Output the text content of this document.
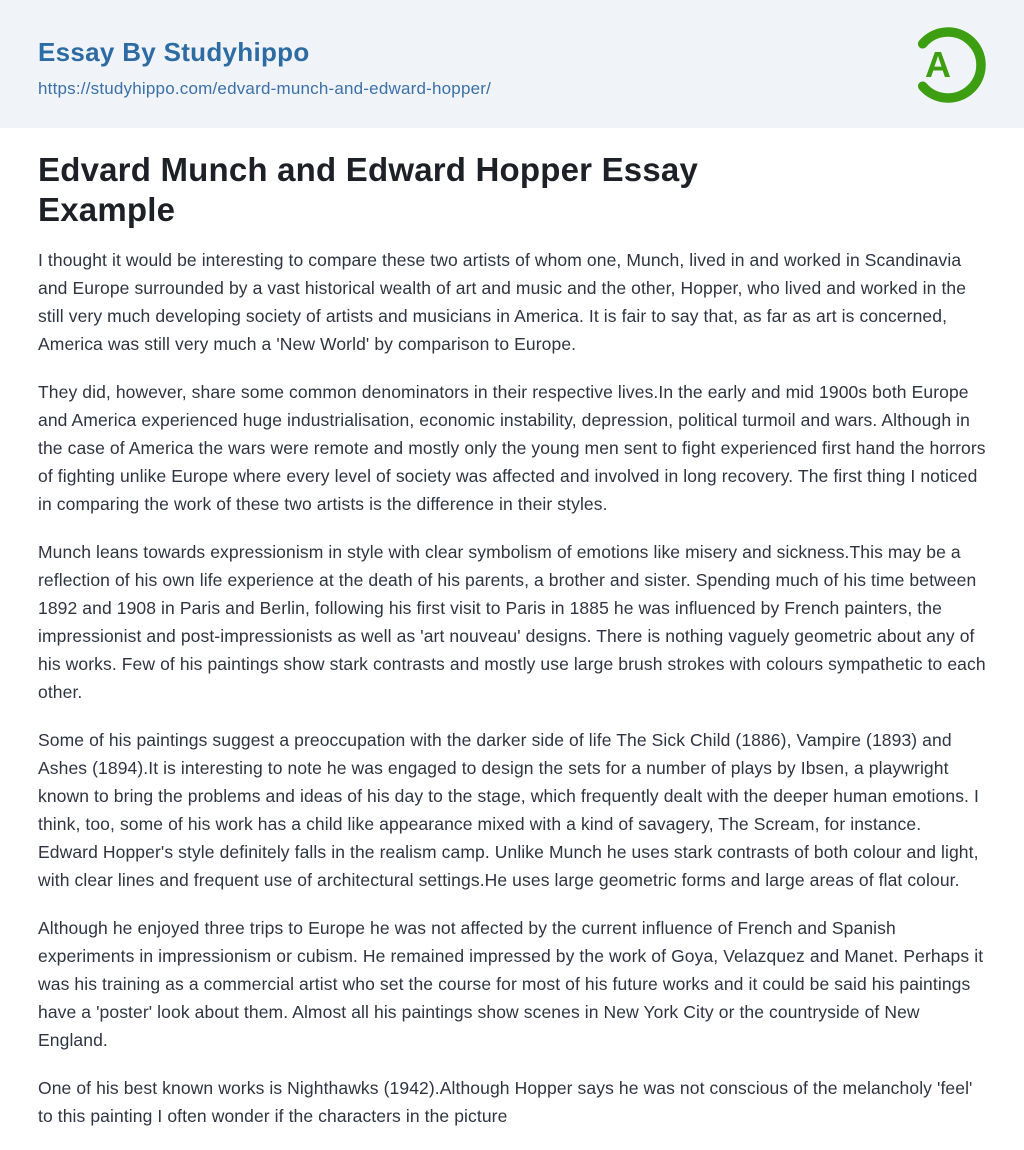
Essay By Studyhippo
https://studyhippo.com/edvard-munch-and-edward-hopper/
A
Edvard Munch and Edward Hopper Essay Example

I thought it would be interesting to compare these two artists of whom one, Munch, lived in and worked in Scandinavia and Europe surrounded by a vast historical wealth of art and music and the other, Hopper, who lived and worked in the still very much developing society of artists and musicians in America. It is fair to say that, as far as art is concerned, America was still very much a 'New World' by comparison to Europe.

They did, however, share some common denominators in their respective lives.In the early and mid 1900s both Europe and America experienced huge industrialisation, economic instability, depression, political turmoil and wars. Although in the case of America the wars were remote and mostly only the young men sent to fight experienced first hand the horrors of fighting unlike Europe where every level of society was affected and involved in long recovery. The first thing I noticed in comparing the work of these two artists is the difference in their styles.

Munch leans towards expressionism in style with clear symbolism of emotions like misery and sickness.This may be a reflection of his own life experience at the death of his parents, a brother and sister. Spending much of his time between 1892 and 1908 in Paris and Berlin, following his first visit to Paris in 1885 he was influenced by French painters, the impressionist and post-impressionists as well as 'art nouveau' designs. There is nothing vaguely geometric about any of his works. Few of his paintings show stark contrasts and mostly use large brush strokes with colours sympathetic to each other.

Some of his paintings suggest a preoccupation with the darker side of life The Sick Child (1886), Vampire (1893) and Ashes (1894).It is interesting to note he was engaged to design the sets for a number of plays by Ibsen, a playwright known to bring the problems and ideas of his day to the stage, which frequently dealt with the deeper human emotions. I think, too, some of his work has a child like appearance mixed with a kind of savagery, The Scream, for instance. Edward Hopper's style definitely falls in the realism camp. Unlike Munch he uses stark contrasts of both colour and light, with clear lines and frequent use of architectural settings.He uses large geometric forms and large areas of flat colour.

Although he enjoyed three trips to Europe he was not affected by the current influence of French and Spanish experiments in impressionism or cubism. He remained impressed by the work of Goya, Velazquez and Manet. Perhaps it was his training as a commercial artist who set the course for most of his future works and it could be said his paintings have a 'poster' look about them. Almost all his paintings show scenes in New York City or the countryside of New England.

One of his best known works is Nighthawks (1942).Although Hopper says he was not conscious of the melancholy 'feel' to this painting I often wonder if the characters in the picture
